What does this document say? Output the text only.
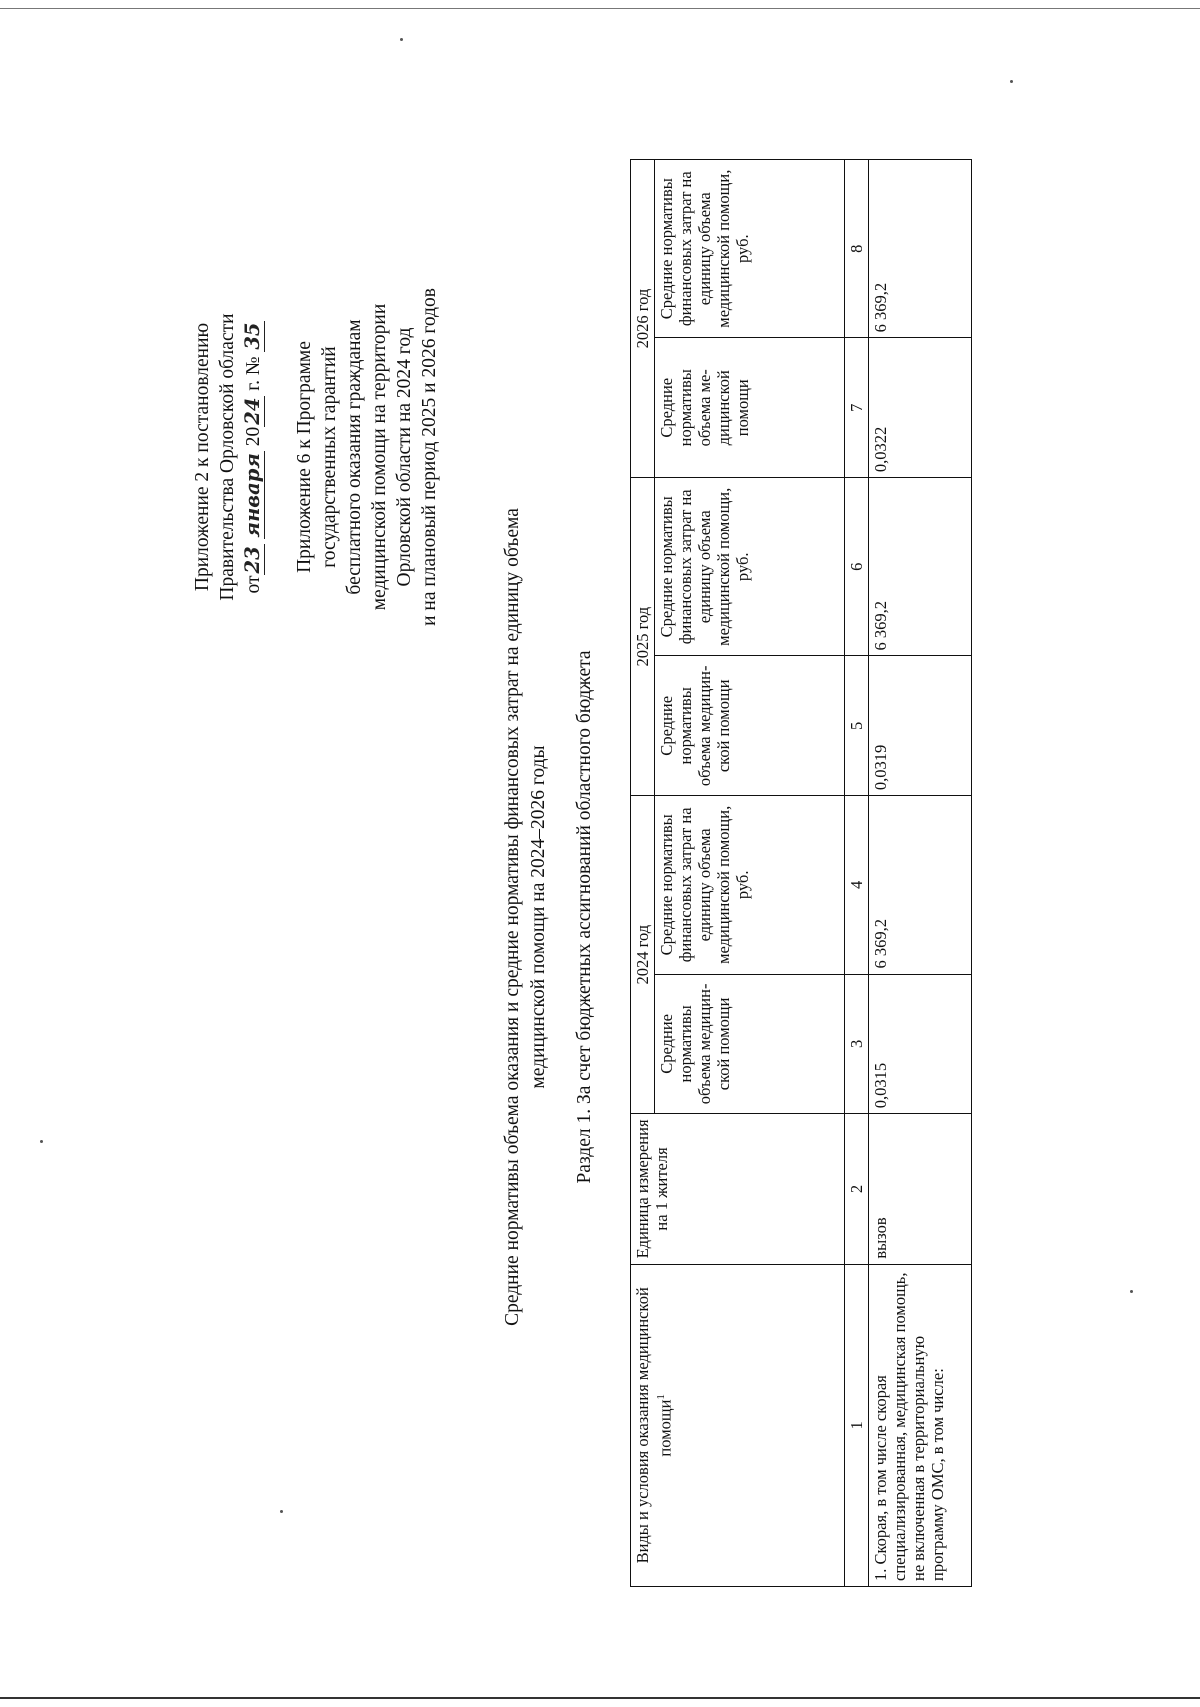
Приложение 2 к постановлению Правительства Орловской области от23 января 2024 г. № 35
Приложение 6 к Программе государственных гарантий бесплатного оказания гражданам медицинской помощи на территории Орловской области на 2024 год и на плановый период 2025 и 2026 годов
Средние нормативы объема оказания и средние нормативы финансовых затрат на единицу объема медицинской помощи на 2024–2026 годы Раздел 1. За счет бюджетных ассигнований областного бюджета
Виды и условия оказания медицинской помощи$^1$	Единица измерения на 1 жителя	2024 год		2025 год		2026 год	
		Средние нормативы объема медицин-ской помощи	Средние нормативы финансовых затрат на единицу объема медицинской помощи, руб.	Средние нормативы объема медицин-ской помощи	Средние нормативы финансовых затрат на единицу объема медицинской помощи, руб.	Средние нормативы объема ме-дицинской помощи	Средние нормативы финансовых затрат на единицу объема медицинской помощи, руб.
1	2	3	4	5	6	7	8
1. Скорая, в том числе скорая специализированная, медицинская помощь, не включенная в территориальную программу ОМС, в том числе:	вызов	0,0315	6 369,2	0,0319	6 369,2	0,0322	6 369,2
